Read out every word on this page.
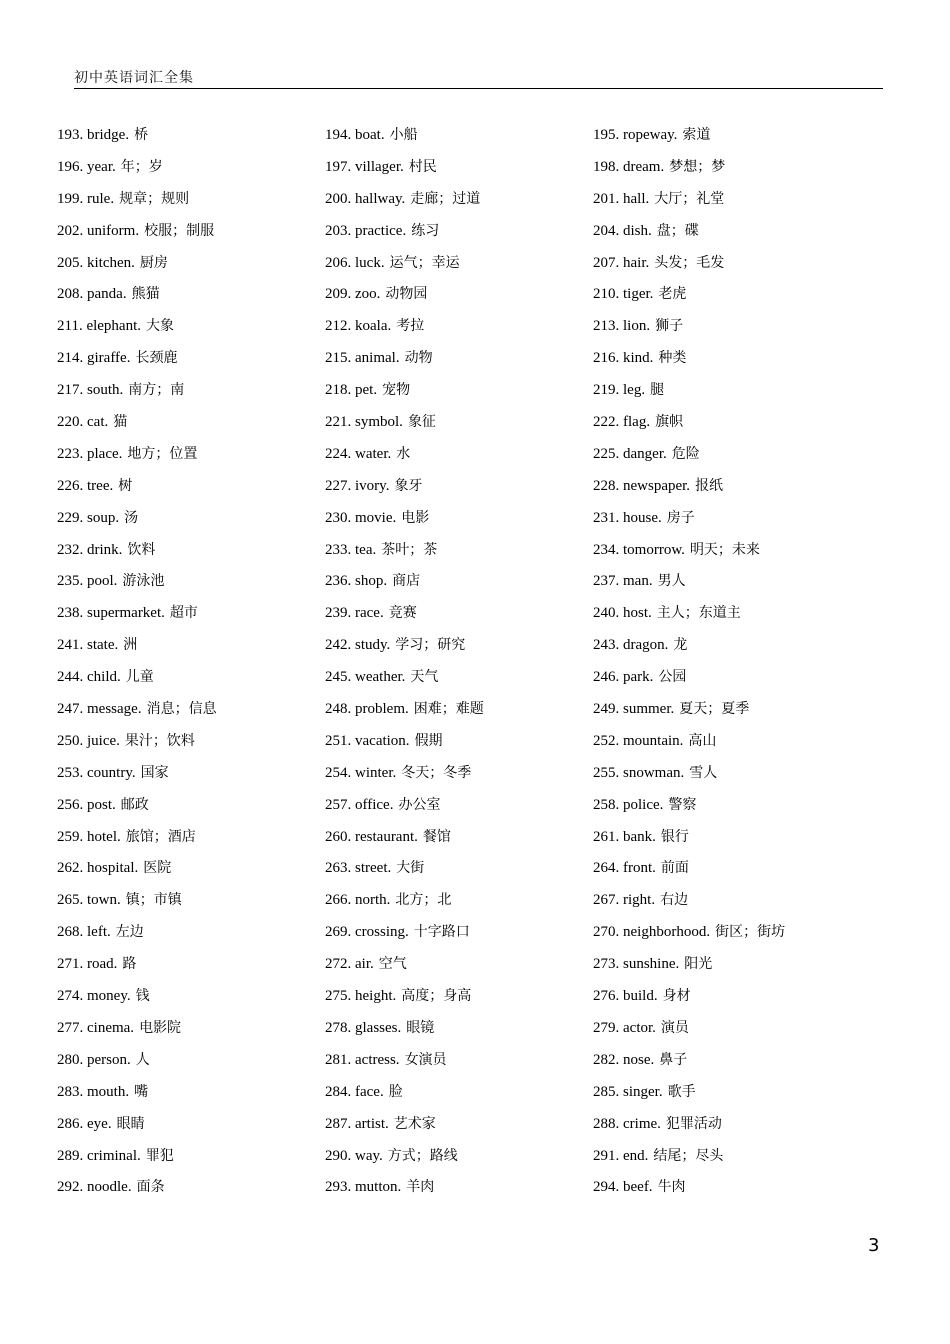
初中英语词汇全集
193. bridge. 桥	194. boat. 小船	195. ropeway. 索道
196. year. 年；岁	197. villager. 村民	198. dream. 梦想；梦
199. rule. 规章；规则	200. hallway. 走廊；过道	201. hall. 大厅；礼堂
202. uniform. 校服；制服	203. practice. 练习	204. dish. 盘；碟
205. kitchen. 厨房	206. luck. 运气；幸运	207. hair. 头发；毛发
208. panda. 熊猫	209. zoo. 动物园	210. tiger. 老虎
211. elephant. 大象	212. koala. 考拉	213. lion. 狮子
214. giraffe. 长颈鹿	215. animal. 动物	216. kind. 种类
217. south. 南方；南	218. pet. 宠物	219. leg. 腿
220. cat. 猫	221. symbol. 象征	222. flag. 旗帜
223. place. 地方；位置	224. water. 水	225. danger. 危险
226. tree. 树	227. ivory. 象牙	228. newspaper. 报纸
229. soup. 汤	230. movie. 电影	231. house. 房子
232. drink. 饮料	233. tea. 茶叶；茶	234. tomorrow. 明天；未来
235. pool. 游泳池	236. shop. 商店	237. man. 男人
238. supermarket. 超市	239. race. 竞赛	240. host. 主人；东道主
241. state. 洲	242. study. 学习；研究	243. dragon. 龙
244. child. 儿童	245. weather. 天气	246. park. 公园
247. message. 消息；信息	248. problem. 困难；难题	249. summer. 夏天；夏季
250. juice. 果汁；饮料	251. vacation. 假期	252. mountain. 高山
253. country. 国家	254. winter. 冬天；冬季	255. snowman. 雪人
256. post. 邮政	257. office. 办公室	258. police. 警察
259. hotel. 旅馆；酒店	260. restaurant. 餐馆	261. bank. 银行
262. hospital. 医院	263. street. 大街	264. front. 前面
265. town. 镇；市镇	266. north. 北方；北	267. right. 右边
268. left. 左边	269. crossing. 十字路口	270. neighborhood. 街区；街坊
271. road. 路	272. air. 空气	273. sunshine. 阳光
274. money. 钱	275. height. 高度；身高	276. build. 身材
277. cinema. 电影院	278. glasses. 眼镜	279. actor. 演员
280. person. 人	281. actress. 女演员	282. nose. 鼻子
283. mouth. 嘴	284. face. 脸	285. singer. 歌手
286. eye. 眼睛	287. artist. 艺术家	288. crime. 犯罪活动
289. criminal. 罪犯	290. way. 方式；路线	291. end. 结尾；尽头
292. noodle. 面条	293. mutton. 羊肉	294. beef. 牛肉
3
